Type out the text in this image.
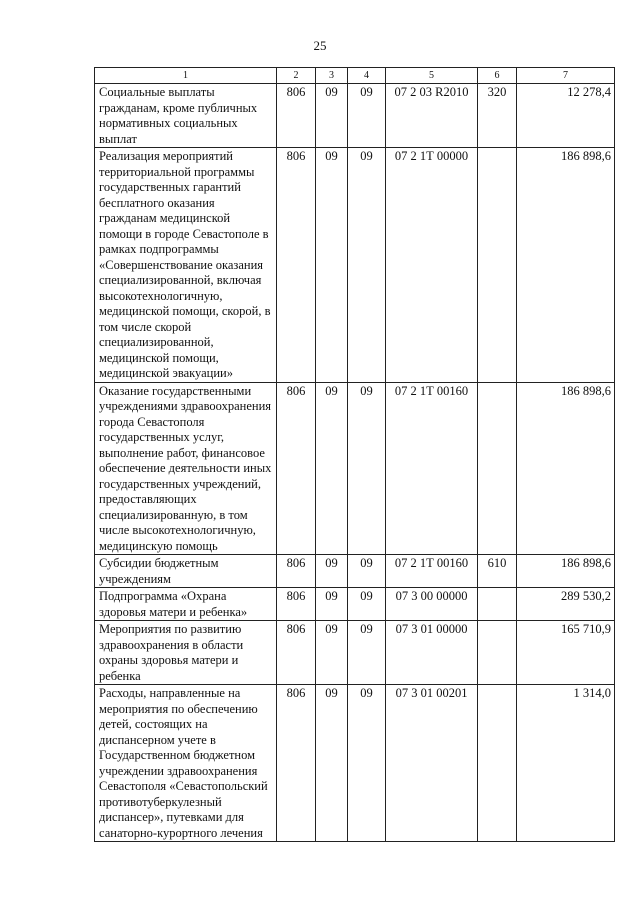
25
1	2	3	4	5	6	7
Социальные выплаты гражданам, кроме публичных нормативных социальных выплат	806	09	09	07 2 03 R2010	320	12 278,4
Реализация мероприятий территориальной программы государственных гарантий бесплатного оказания гражданам медицинской помощи в городе Севастополе в рамках подпрограммы «Совершенствование оказания специализированной, включая высокотехнологичную, медицинской помощи, скорой, в том числе скорой специализированной, медицинской помощи, медицинской эвакуации»	806	09	09	07 2 1Т 00000		186 898,6
Оказание государственными учреждениями здравоохранения города Севастополя государственных услуг, выполнение работ, финансовое обеспечение деятельности иных государственных учреждений, предоставляющих специализированную, в том числе высокотехнологичную, медицинскую помощь	806	09	09	07 2 1Т 00160		186 898,6
Субсидии бюджетным учреждениям	806	09	09	07 2 1Т 00160	610	186 898,6
Подпрограмма «Охрана здоровья матери и ребенка»	806	09	09	07 3 00 00000		289 530,2
Мероприятия по развитию здравоохранения в области охраны здоровья матери и ребенка	806	09	09	07 3 01 00000		165 710,9
Расходы, направленные на мероприятия по обеспечению детей, состоящих на диспансерном учете в Государственном бюджетном учреждении здравоохранения Севастополя «Севастопольский противотуберкулезный диспансер», путевками для санаторно-курортного лечения	806	09	09	07 3 01 00201		1 314,0
